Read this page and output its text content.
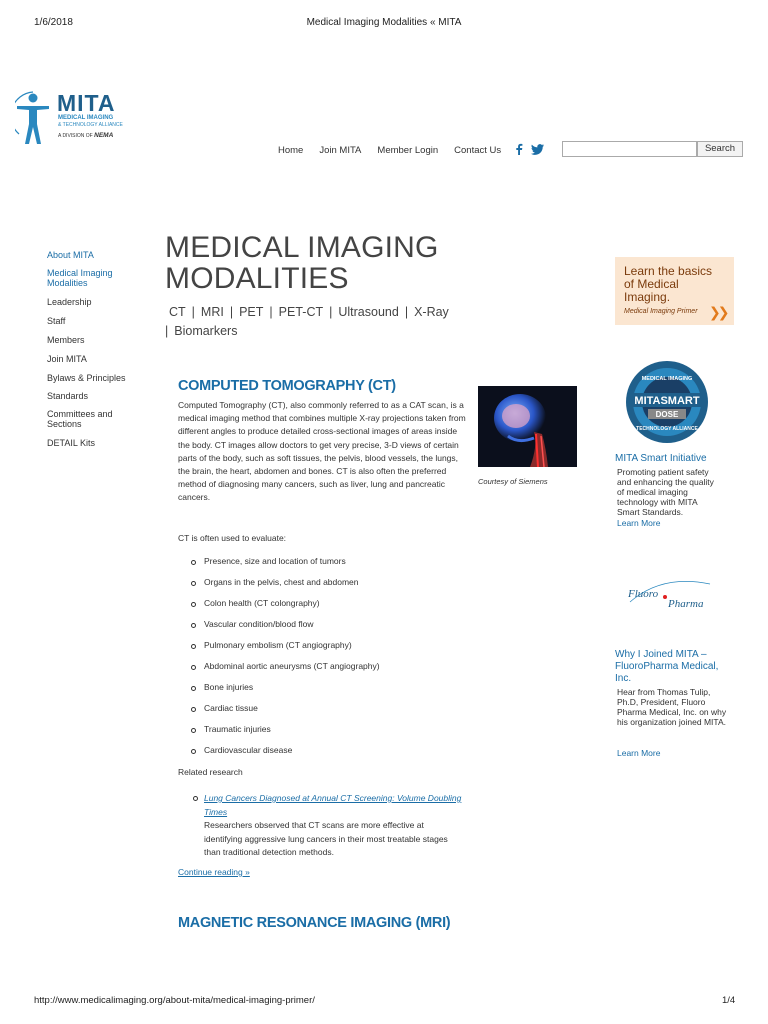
1/6/2018	Medical Imaging Modalities « MITA
MITA
MEDICAL IMAGING
& TECHNOLOGY ALLIANCE
A DIVISION OF NEMA
Home Join MITA Member Login Contact Us	Search
About MITA
Medical Imaging
Modalities
Leadership
Staff
Members
Join MITA
Bylaws & Principles
Standards
Committees and
Sections
DETAIL Kits
MEDICAL IMAGING
MODALITIES
CT | MRI | PET | PET-CT | Ultrasound | X-Ray
| Biomarkers
COMPUTED TOMOGRAPHY (CT)
Computed Tomography (CT), also commonly referred to as a CAT scan, is a medical imaging method that combines multiple X-ray projections taken from different angles to produce detailed cross-sectional images of areas inside the body. CT images allow doctors to get very precise, 3-D views of certain parts of the body, such as soft tissues, the pelvis, blood vessels, the lungs, the brain, the heart, abdomen and bones. CT is also often the preferred method of diagnosing many cancers, such as liver, lung and pancreatic cancers.
Courtesy of Siemens
CT is often used to evaluate:
Presence, size and location of tumors
Organs in the pelvis, chest and abdomen
Colon health (CT colongraphy)
Vascular condition/blood flow
Pulmonary embolism (CT angiography)
Abdominal aortic aneurysms (CT angiography)
Bone injuries
Cardiac tissue
Traumatic injuries
Cardiovascular disease
Related research
Lung Cancers Diagnosed at Annual CT Screening: Volume Doubling Times
Researchers observed that CT scans are more effective at identifying aggressive lung cancers in their most treatable stages than traditional detection methods.
Continue reading »
MAGNETIC RESONANCE IMAGING (MRI)
Learn the basics
of Medical
Imaging.
Medical Imaging Primer ❯❯
MITASMART
DOSE
MEDICAL IMAGING
TECHNOLOGY ALLIANCE
MITA Smart Initiative
Promoting patient safety and enhancing the quality of medical imaging technology with MITA Smart Standards.
Learn More
Fluoro
Pharma
Why I Joined MITA – FluoroPharma Medical, Inc.
Hear from Thomas Tulip, Ph.D, President, Fluoro Pharma Medical, Inc. on why his organization joined MITA.
Learn More
http://www.medicalimaging.org/about-mita/medical-imaging-primer/	1/4
